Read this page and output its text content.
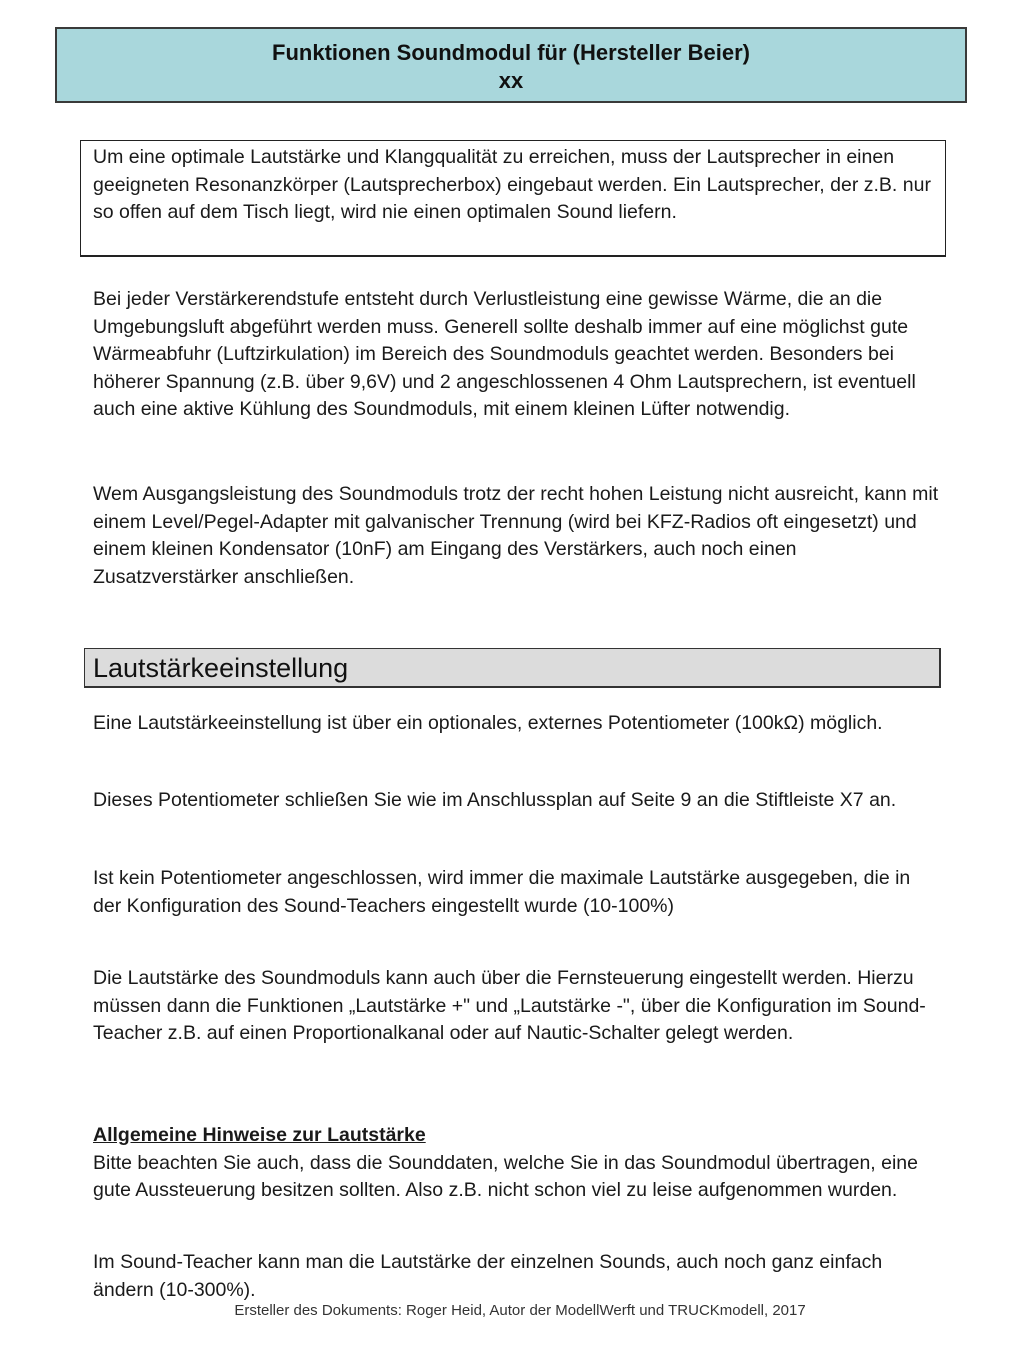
Funktionen Soundmodul für (Hersteller Beier)
xx
Um eine optimale Lautstärke und Klangqualität zu erreichen, muss der Lautsprecher in einen geeigneten Resonanzkörper (Lautsprecherbox) eingebaut werden. Ein Lautsprecher, der z.B. nur so offen auf dem Tisch liegt, wird nie einen optimalen Sound liefern.
Bei jeder Verstärkerendstufe entsteht durch Verlustleistung eine gewisse Wärme, die an die Umgebungsluft abgeführt werden muss. Generell sollte deshalb immer auf eine möglichst gute Wärmeabfuhr (Luftzirkulation) im Bereich des Soundmoduls geachtet werden. Besonders bei höherer Spannung (z.B. über 9,6V) und 2 angeschlossenen 4 Ohm Lautsprechern, ist eventuell auch eine aktive Kühlung des Soundmoduls, mit einem kleinen Lüfter notwendig.
Wem Ausgangsleistung des Soundmoduls trotz der recht hohen Leistung nicht ausreicht, kann mit einem Level/Pegel-Adapter mit galvanischer Trennung (wird bei KFZ-Radios oft eingesetzt) und einem kleinen Kondensator (10nF) am Eingang des Verstärkers, auch noch einen Zusatzverstärker anschließen.
Lautstärkeeinstellung
Eine Lautstärkeeinstellung ist über ein optionales, externes Potentiometer (100kΩ) möglich.
Dieses Potentiometer schließen Sie wie im Anschlussplan auf Seite 9 an die Stiftleiste X7 an.
Ist kein Potentiometer angeschlossen, wird immer die maximale Lautstärke ausgegeben, die in der Konfiguration des Sound-Teachers eingestellt wurde (10-100%)
Die Lautstärke des Soundmoduls kann auch über die Fernsteuerung eingestellt werden. Hierzu müssen dann die Funktionen „Lautstärke +" und „Lautstärke -", über die Konfiguration im Sound-Teacher z.B. auf einen Proportionalkanal oder auf Nautic-Schalter gelegt werden.
Allgemeine Hinweise zur Lautstärke
Bitte beachten Sie auch, dass die Sounddaten, welche Sie in das Soundmodul übertragen, eine gute Aussteuerung besitzen sollten. Also z.B. nicht schon viel zu leise aufgenommen wurden.
Im Sound-Teacher kann man die Lautstärke der einzelnen Sounds, auch noch ganz einfach ändern (10-300%).
Ersteller des Dokuments: Roger Heid, Autor der ModellWerft und TRUCKmodell, 2017
